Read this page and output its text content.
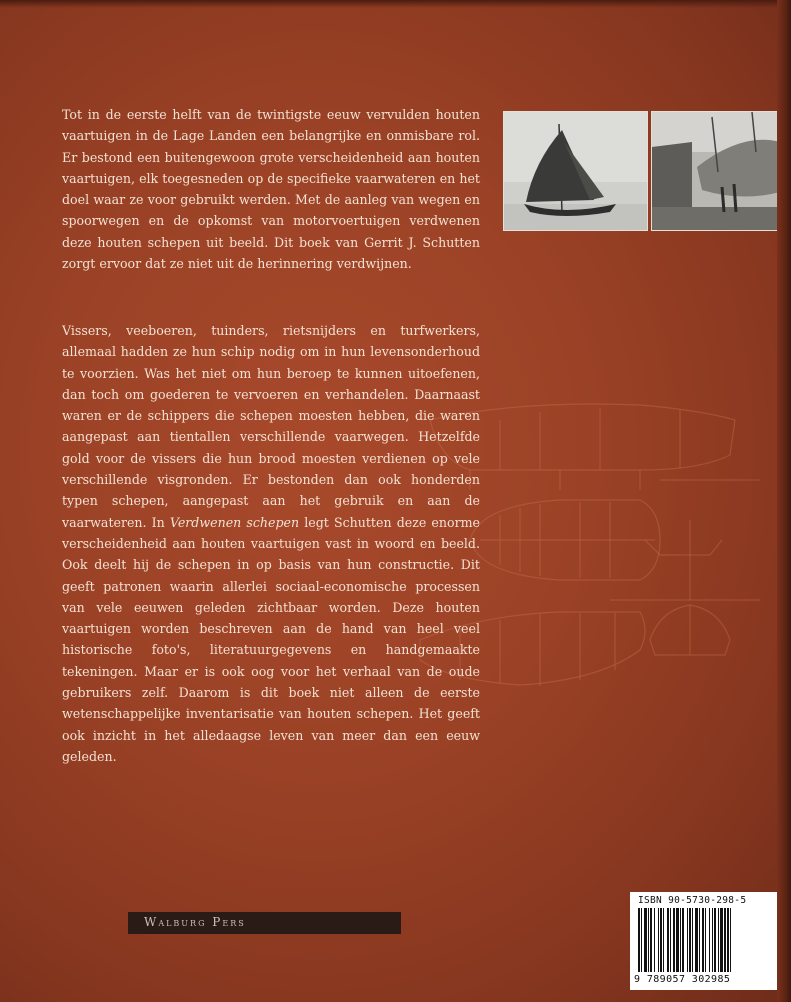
Tot in de eerste helft van de twintigste eeuw vervulden houten vaartuigen in de Lage Landen een belangrijke en onmisbare rol. Er bestond een buitengewoon grote verscheidenheid aan houten vaartuigen, elk toegesneden op de specifieke vaarwateren en het doel waar ze voor gebruikt werden. Met de aanleg van wegen en spoorwegen en de opkomst van motorvoertuigen verdwenen deze houten schepen uit beeld. Dit boek van Gerrit J. Schutten zorgt ervoor dat ze niet uit de herinnering verdwijnen.

Vissers, veeboeren, tuinders, rietsnijders en turfwerkers, allemaal hadden ze hun schip nodig om in hun levensonderhoud te voorzien. Was het niet om hun beroep te kunnen uitoefenen, dan toch om goederen te vervoeren en verhandelen. Daarnaast waren er de schippers die schepen moesten hebben, die waren aangepast aan tientallen verschillende vaarwegen. Hetzelfde gold voor de vissers die hun brood moesten verdienen op vele verschillende visgronden. Er bestonden dan ook honderden typen schepen, aangepast aan het gebruik en aan de vaarwateren. In Verdwenen schepen legt Schutten deze enorme verscheidenheid aan houten vaartuigen vast in woord en beeld. Ook deelt hij de schepen in op basis van hun constructie. Dit geeft patronen waarin allerlei sociaal-economische processen van vele eeuwen geleden zichtbaar worden. Deze houten vaartuigen worden beschreven aan de hand van heel veel historische foto's, literatuurgegevens en handgemaakte tekeningen. Maar er is ook oog voor het verhaal van de oude gebruikers zelf. Daarom is dit boek niet alleen de eerste wetenschappelijke inventarisatie van houten schepen. Het geeft ook inzicht in het alledaagse leven van meer dan een eeuw geleden.

Walburg Pers
ISBN 90-5730-298-5
9 789057 302985
